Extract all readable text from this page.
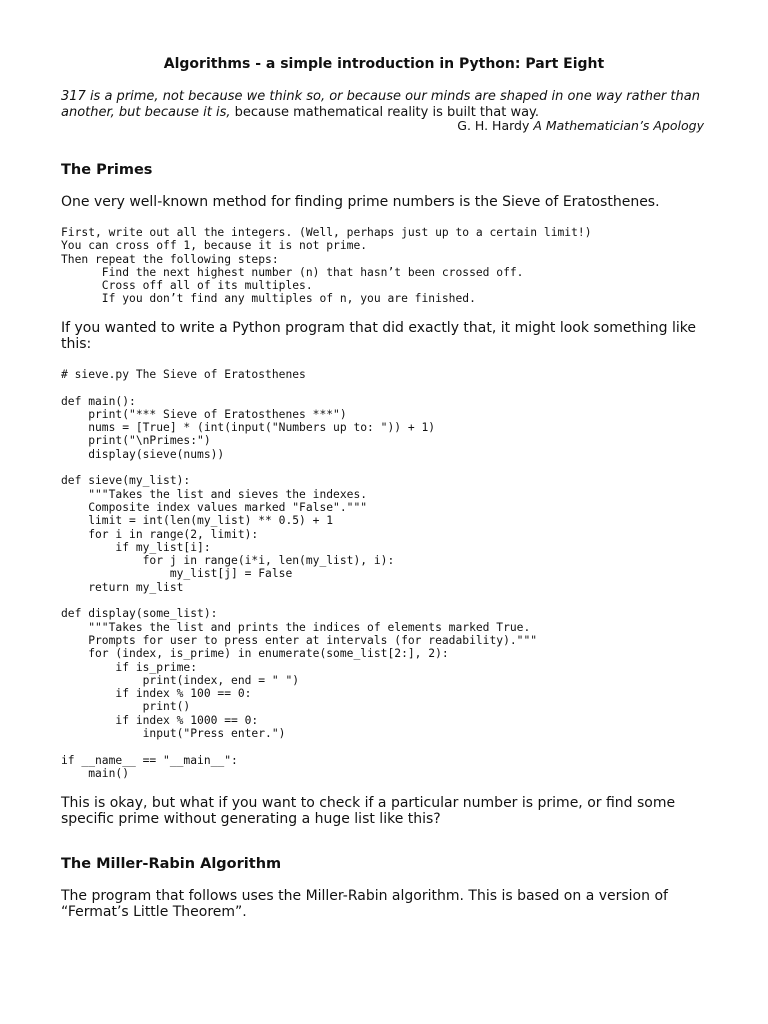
Algorithms - a simple introduction in Python: Part Eight
317 is a prime, not because we think so, or because our minds are shaped in one way rather than another, but because it is, because mathematical reality is built that way.
G. H. Hardy A Mathematician’s Apology
The Primes

One very well-known method for finding prime numbers is the Sieve of Eratosthenes.

First, write out all the integers. (Well, perhaps just up to a certain limit!)
You can cross off 1, because it is not prime.
Then repeat the following steps:
Find the next highest number (n) that hasn’t been crossed off.
Cross off all of its multiples.
If you don’t find any multiples of n, you are finished.

If you wanted to write a Python program that did exactly that, it might look something like this:

# sieve.py The Sieve of Eratosthenes

def main():
print("*** Sieve of Eratosthenes ***")
nums = [True] * (int(input("Numbers up to: ")) + 1)
print("\nPrimes:")
display(sieve(nums))

def sieve(my_list):
"""Takes the list and sieves the indexes.
Composite index values marked "False"."""
limit = int(len(my_list) ** 0.5) + 1
for i in range(2, limit):
if my_list[i]:
for j in range(i*i, len(my_list), i):
my_list[j] = False
return my_list

def display(some_list):
"""Takes the list and prints the indices of elements marked True.
Prompts for user to press enter at intervals (for readability)."""
for (index, is_prime) in enumerate(some_list[2:], 2):
if is_prime:
print(index, end = " ")
if index % 100 == 0:
print()
if index % 1000 == 0:
input("Press enter.")

if __name__ == "__main__":
main()

This is okay, but what if you want to check if a particular number is prime, or find some specific prime without generating a huge list like this?

The Miller-Rabin Algorithm

The program that follows uses the Miller-Rabin algorithm. This is based on a version of “Fermat’s Little Theorem”.
